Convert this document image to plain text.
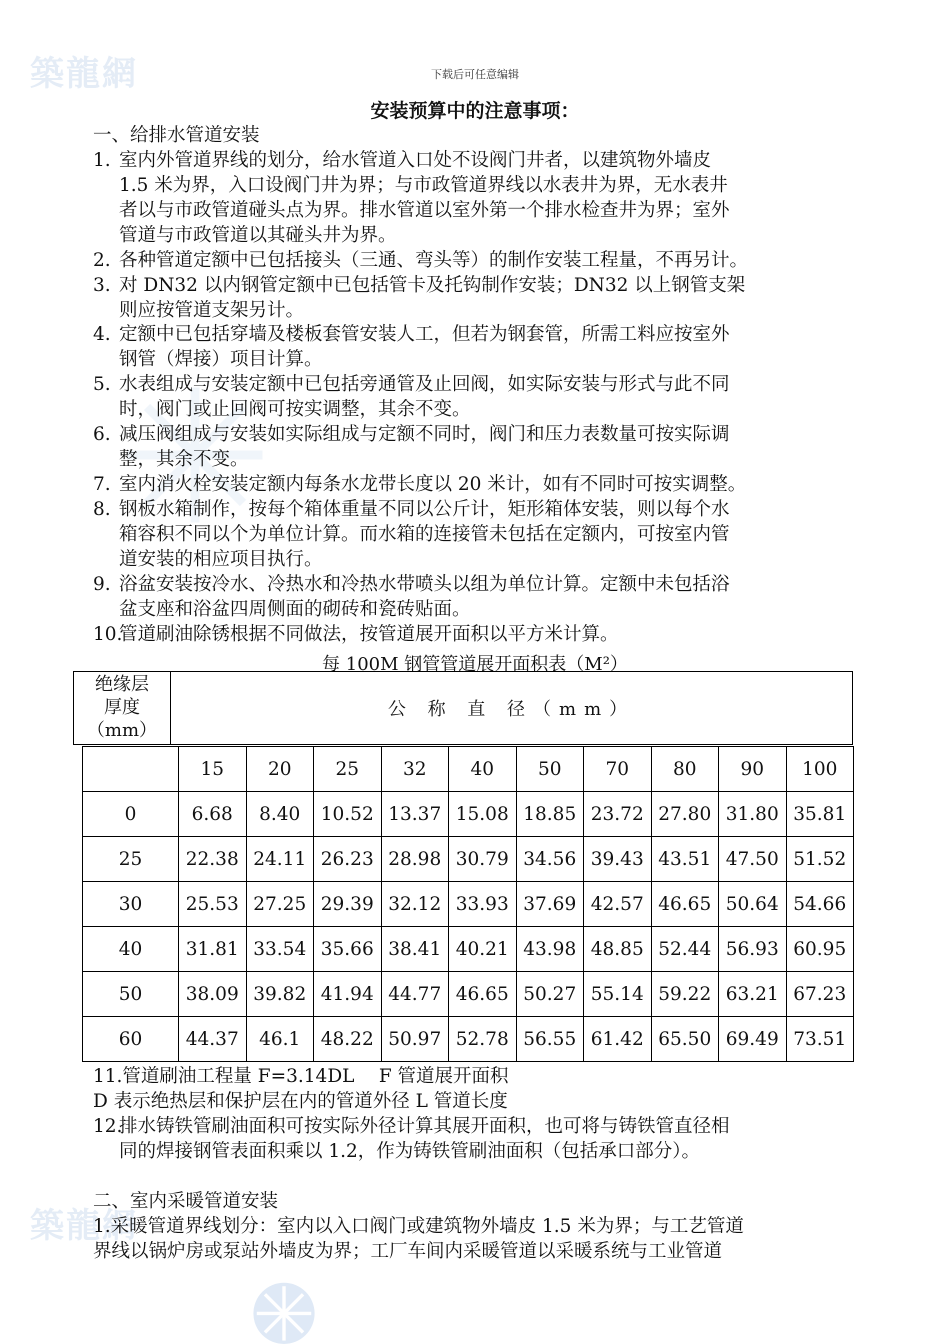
築龍網
築龍網
下载后可任意编辑
安装预算中的注意事项：
一、给排水管道安装
1. 室内外管道界线的划分，给水管道入口处不设阀门井者，以建筑物外墙皮
1.5 米为界，入口设阀门井为界；与市政管道界线以水表井为界，无水表井
者以与市政管道碰头点为界。排水管道以室外第一个排水检查井为界；室外
管道与市政管道以其碰头井为界。
2. 各种管道定额中已包括接头（三通、弯头等）的制作安装工程量，不再另计。
3. 对 DN32 以内钢管定额中已包括管卡及托钩制作安装；DN32 以上钢管支架
则应按管道支架另计。
4. 定额中已包括穿墙及楼板套管安装人工，但若为钢套管，所需工料应按室外
钢管（焊接）项目计算。
5. 水表组成与安装定额中已包括旁通管及止回阀，如实际安装与形式与此不同
时，阀门或止回阀可按实调整，其余不变。
6. 减压阀组成与安装如实际组成与定额不同时，阀门和压力表数量可按实际调
整，其余不变。
7. 室内消火栓安装定额内每条水龙带长度以 20 米计，如有不同时可按实调整。
8. 钢板水箱制作，按每个箱体重量不同以公斤计，矩形箱体安装，则以每个水
箱容积不同以个为单位计算。而水箱的连接管未包括在定额内，可按室内管
道安装的相应项目执行。
9. 浴盆安装按冷水、冷热水和冷热水带喷头以组为单位计算。定额中未包括浴
盆支座和浴盆四周侧面的砌砖和瓷砖贴面。
10.
管道刷油除锈根据不同做法，按管道展开面积以平方米计算。
每 100M 钢管管道展开面积表（M²）
绝缘层
厚度
（mm）
公 称 直 径（mm）
	15	20	25	32	40	50	70	80	90	100
0	6.68	8.40	10.52	13.37	15.08	18.85	23.72	27.80	31.80	35.81
25	22.38	24.11	26.23	28.98	30.79	34.56	39.43	43.51	47.50	51.52
30	25.53	27.25	29.39	32.12	33.93	37.69	42.57	46.65	50.64	54.66
40	31.81	33.54	35.66	38.41	40.21	43.98	48.85	52.44	56.93	60.95
50	38.09	39.82	41.94	44.77	46.65	50.27	55.14	59.22	63.21	67.23
60	44.37	46.1	48.22	50.97	52.78	56.55	61.42	65.50	69.49	73.51
11.管道刷油工程量 F=3.14DL　 F 管道展开面积
D 表示绝热层和保护层在内的管道外径 L 管道长度
12.
排水铸铁管刷油面积可按实际外径计算其展开面积，也可将与铸铁管直径相
同的焊接钢管表面积乘以 1.2，作为铸铁管刷油面积（包括承口部分）。
二、室内采暖管道安装
1.采暖管道界线划分：室内以入口阀门或建筑物外墙皮 1.5 米为界；与工艺管道
界线以锅炉房或泵站外墙皮为界；工厂车间内采暖管道以采暖系统与工业管道
